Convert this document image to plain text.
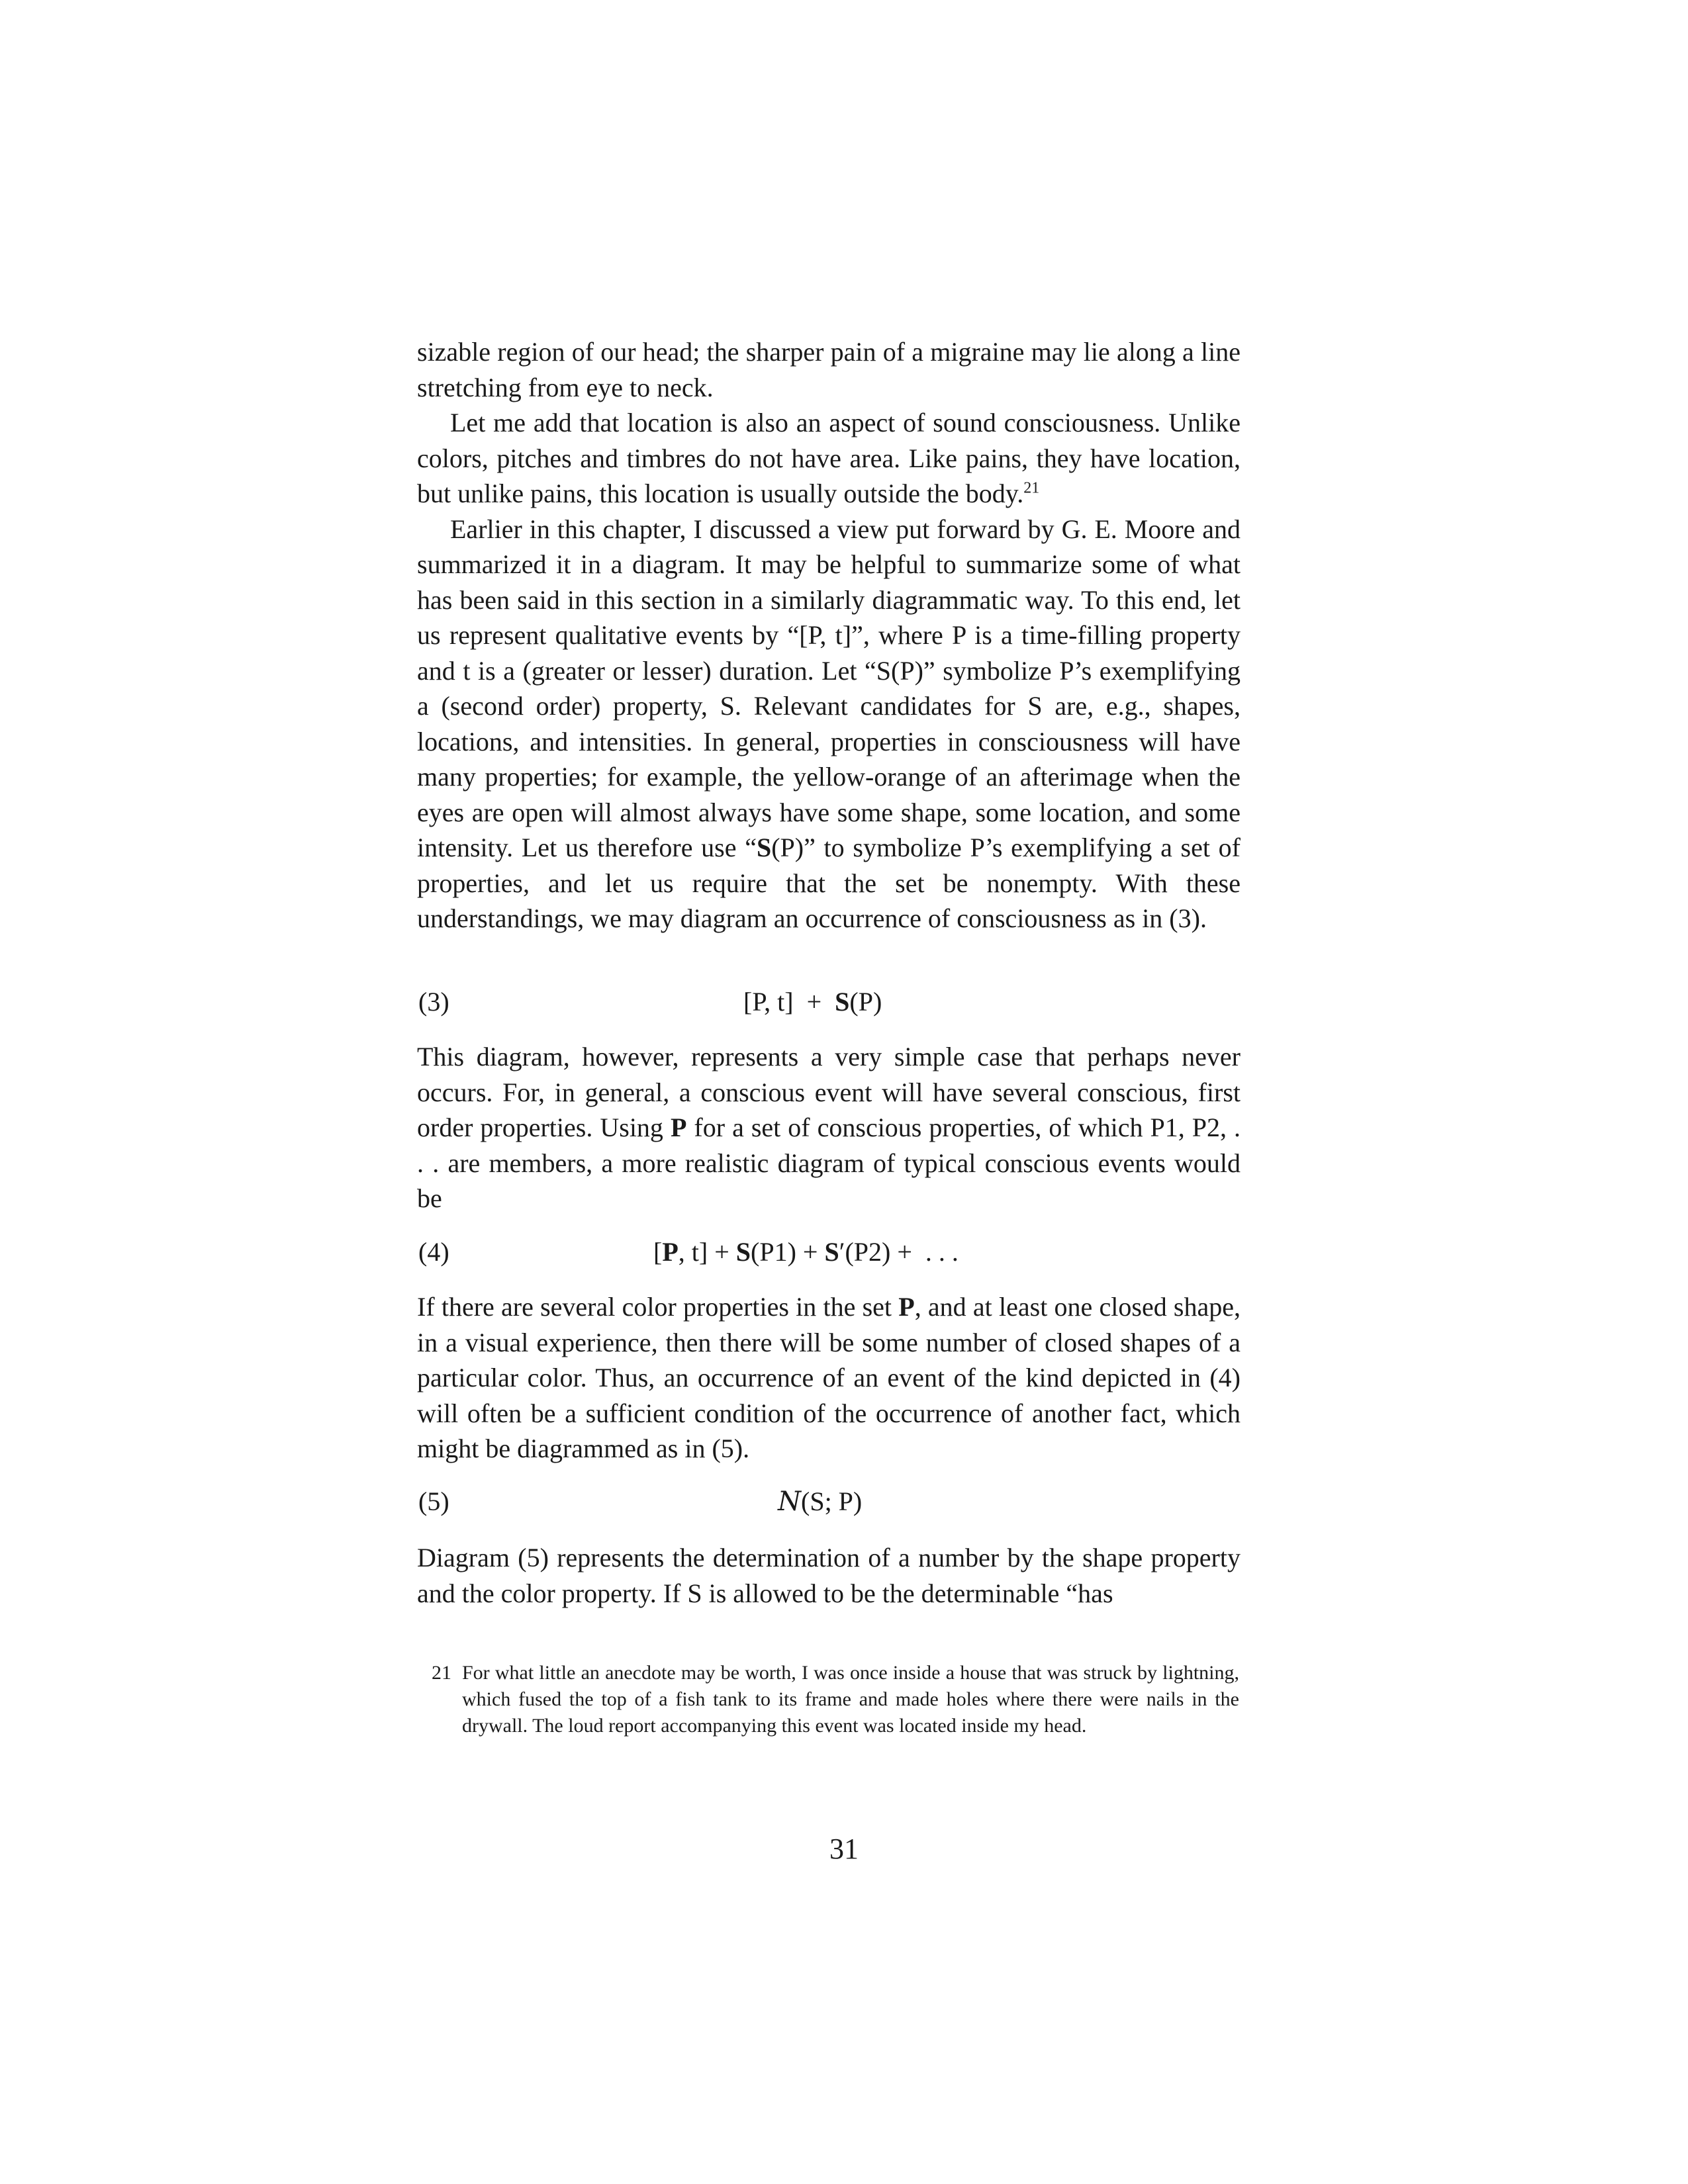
sizable region of our head; the sharper pain of a migraine may lie along a line stretching from eye to neck.

Let me add that location is also an aspect of sound consciousness. Unlike colors, pitches and timbres do not have area. Like pains, they have location, but unlike pains, this location is usually outside the body.$^{21}$

Earlier in this chapter, I discussed a view put forward by G. E. Moore and summarized it in a diagram. It may be helpful to summarize some of what has been said in this section in a similarly diagrammatic way. To this end, let us represent qualitative events by “[P, t]”, where P is a time-filling property and t is a (greater or lesser) duration. Let “S(P)” symbolize P’s exemplifying a (second order) property, S. Relevant candidates for S are, e.g., shapes, locations, and intensities. In general, properties in consciousness will have many properties; for example, the yellow-orange of an afterimage when the eyes are open will almost always have some shape, some location, and some intensity. Let us therefore use “S(P)” to symbolize P’s exemplifying a set of properties, and let us require that the set be nonempty. With these understandings, we may diagram an occurrence of consciousness as in (3).

(3)	[P, t]  +  S(P)

This diagram, however, represents a very simple case that perhaps never occurs. For, in general, a conscious event will have several conscious, first order properties. Using P for a set of conscious properties, of which P1, P2, . . . are members, a more realistic diagram of typical conscious events would be

(4)	[P, t] + S(P1) + S′(P2) +  . . .

If there are several color properties in the set P, and at least one closed shape, in a visual experience, then there will be some number of closed shapes of a particular color. Thus, an occurrence of an event of the kind depicted in (4) will often be a sufficient condition of the occurrence of another fact, which might be diagrammed as in (5).

(5)	N(S; P)

Diagram (5) represents the determination of a number by the shape property and the color property. If S is allowed to be the determinable “has

21 For what little an anecdote may be worth, I was once inside a house that was struck by lightning, which fused the top of a fish tank to its frame and made holes where there were nails in the drywall. The loud report accompanying this event was located inside my head.
31
